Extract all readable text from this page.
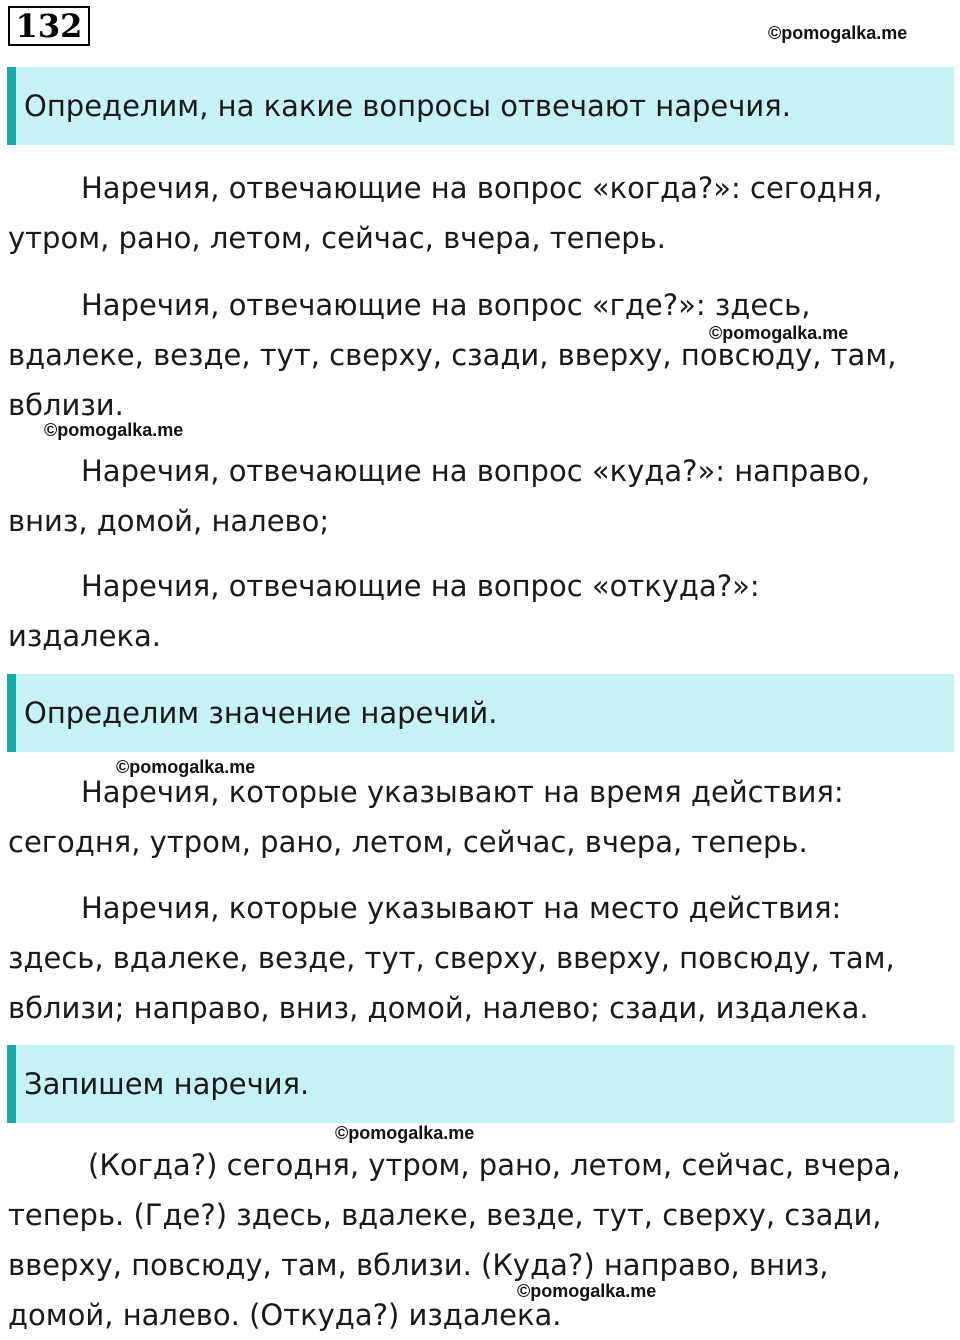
132	©pomogalka.me
Определим, на какие вопросы отвечают наречия.
Наречия, отвечающие на вопрос «когда?»: сегодня,
утром, рано, летом, сейчас, вчера, теперь.
Наречия, отвечающие на вопрос «где?»: здесь,
вдалеке, везде, тут, сверху, сзади, вверху, повсюду, там,
вблизи.
©pomogalka.me
©pomogalka.me
Наречия, отвечающие на вопрос «куда?»: направо,
вниз, домой, налево;
Наречия, отвечающие на вопрос «откуда?»:
издалека.
Определим значение наречий.
©pomogalka.me
Наречия, которые указывают на время действия:
сегодня, утром, рано, летом, сейчас, вчера, теперь.
Наречия, которые указывают на место действия:
здесь, вдалеке, везде, тут, сверху, вверху, повсюду, там,
вблизи; направо, вниз, домой, налево; сзади, издалека.
Запишем наречия.
©pomogalka.me
(Когда?) сегодня, утром, рано, летом, сейчас, вчера,
теперь. (Где?) здесь, вдалеке, везде, тут, сверху, сзади,
вверху, повсюду, там, вблизи. (Куда?) направо, вниз,
домой, налево. (Откуда?) издалека.
©pomogalka.me
